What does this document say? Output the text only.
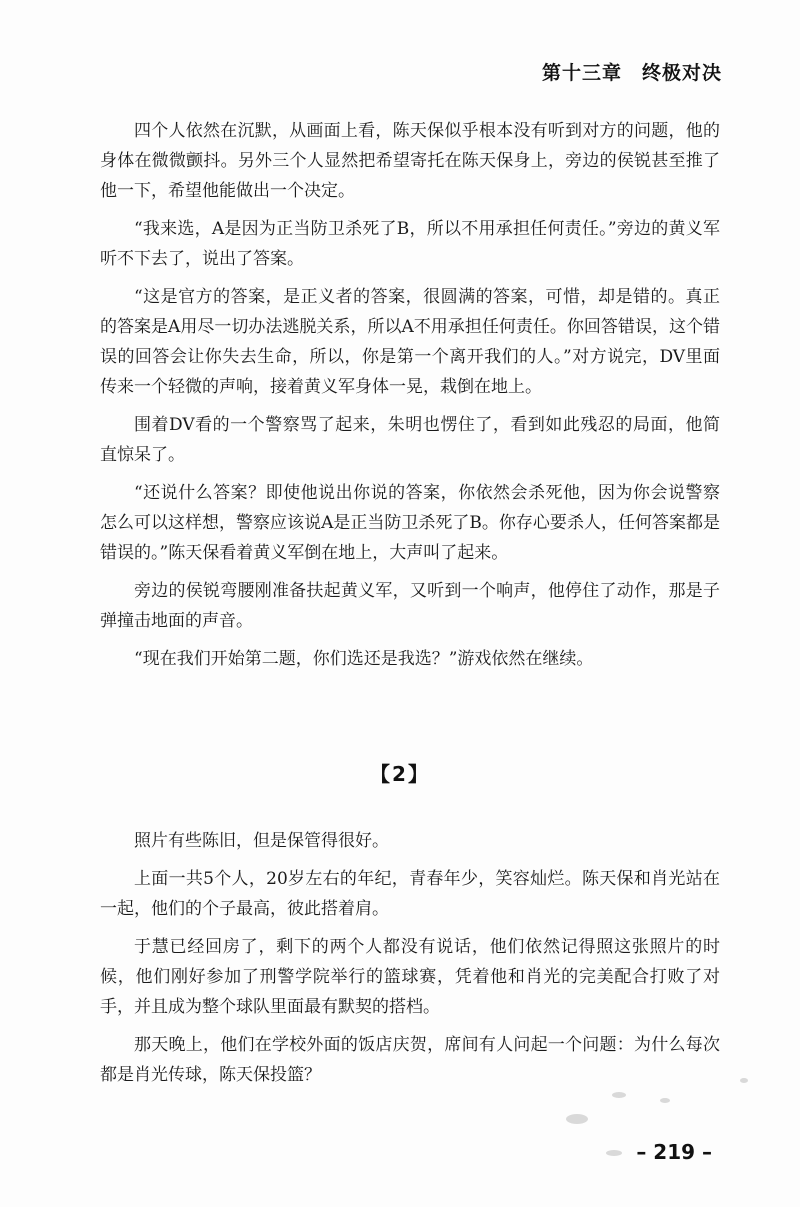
第十三章　终极对决

四个人依然在沉默，从画面上看，陈天保似乎根本没有听到对方的问题，他的身体在微微颤抖。另外三个人显然把希望寄托在陈天保身上，旁边的侯锐甚至推了他一下，希望他能做出一个决定。

“我来选，A是因为正当防卫杀死了B，所以不用承担任何责任。”旁边的黄义军听不下去了，说出了答案。

“这是官方的答案，是正义者的答案，很圆满的答案，可惜，却是错的。真正的答案是A用尽一切办法逃脱关系，所以A不用承担任何责任。你回答错误，这个错误的回答会让你失去生命，所以，你是第一个离开我们的人。”对方说完，DV里面传来一个轻微的声响，接着黄义军身体一晃，栽倒在地上。

围着DV看的一个警察骂了起来，朱明也愣住了，看到如此残忍的局面，他简直惊呆了。

“还说什么答案？即使他说出你说的答案，你依然会杀死他，因为你会说警察怎么可以这样想，警察应该说A是正当防卫杀死了B。你存心要杀人，任何答案都是错误的。”陈天保看着黄义军倒在地上，大声叫了起来。

旁边的侯锐弯腰刚准备扶起黄义军，又听到一个响声，他停住了动作，那是子弹撞击地面的声音。

“现在我们开始第二题，你们选还是我选？”游戏依然在继续。

【2】

照片有些陈旧，但是保管得很好。

上面一共5个人，20岁左右的年纪，青春年少，笑容灿烂。陈天保和肖光站在一起，他们的个子最高，彼此搭着肩。

于慧已经回房了，剩下的两个人都没有说话，他们依然记得照这张照片的时候，他们刚好参加了刑警学院举行的篮球赛，凭着他和肖光的完美配合打败了对手，并且成为整个球队里面最有默契的搭档。

那天晚上，他们在学校外面的饭店庆贺，席间有人问起一个问题：为什么每次都是肖光传球，陈天保投篮？

– 219 –
